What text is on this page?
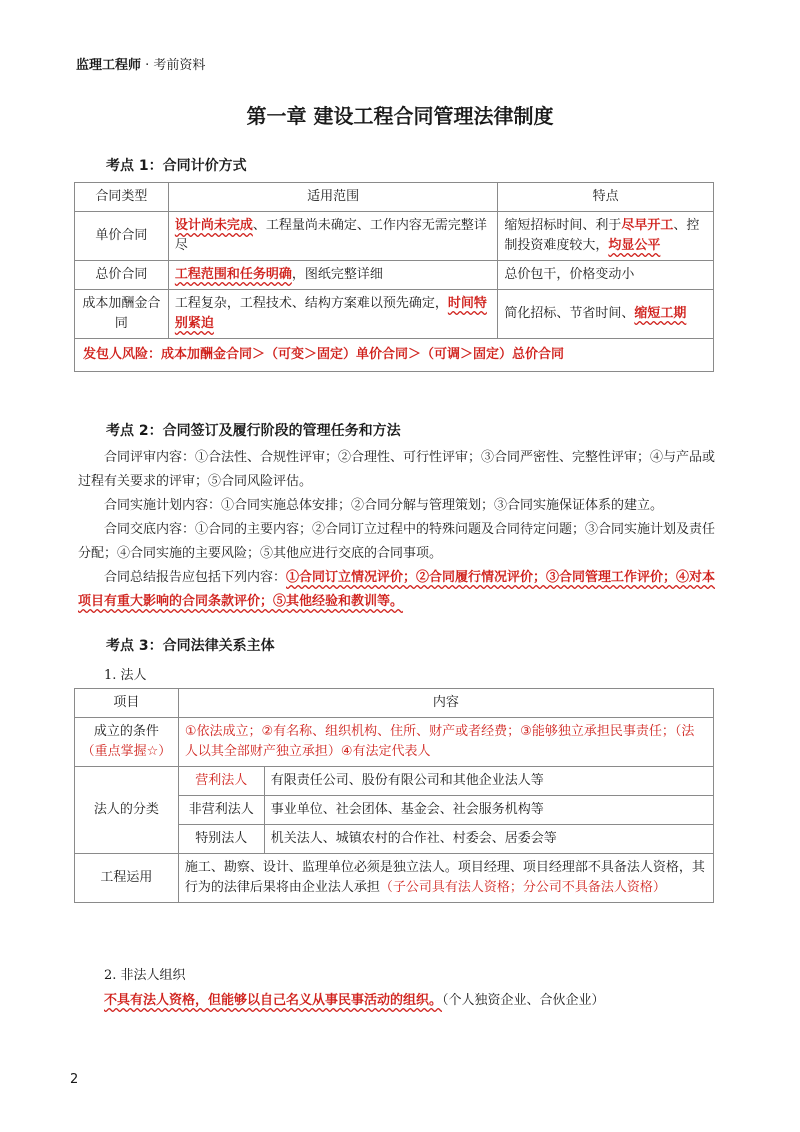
监理工程师 · 考前资料
第一章 建设工程合同管理法律制度
考点 1：合同计价方式
合同类型	适用范围	特点
单价合同	设计尚未完成、工程量尚未确定、工作内容无需完整详尽	缩短招标时间、利于尽早开工、控制投资难度较大，均显公平
总价合同	工程范围和任务明确，图纸完整详细	总价包干，价格变动小
成本加酬金合同	工程复杂，工程技术、结构方案难以预先确定，时间特别紧迫	简化招标、节省时间、缩短工期
发包人风险：成本加酬金合同＞（可变＞固定）单价合同＞（可调＞固定）总价合同		
考点 2：合同签订及履行阶段的管理任务和方法
合同评审内容：①合法性、合规性评审；②合理性、可行性评审；③合同严密性、完整性评审；④与产品或过程有关要求的评审；⑤合同风险评估。
合同实施计划内容：①合同实施总体安排；②合同分解与管理策划；③合同实施保证体系的建立。
合同交底内容：①合同的主要内容；②合同订立过程中的特殊问题及合同待定问题；③合同实施计划及责任分配；④合同实施的主要风险；⑤其他应进行交底的合同事项。
合同总结报告应包括下列内容：①合同订立情况评价；②合同履行情况评价；③合同管理工作评价；④对本项目有重大影响的合同条款评价；⑤其他经验和教训等。
考点 3：合同法律关系主体
1. 法人
项目	内容	

成立的条件
（重点掌握☆）	①依法成立；②有名称、组织机构、住所、财产或者经费；③能够独立承担民事责任；（法人以其全部财产独立承担）④有法定代表人	
法人的分类	营利法人	有限责任公司、股份有限公司和其他企业法人等
	非营利法人	事业单位、社会团体、基金会、社会服务机构等
	特别法人	机关法人、城镇农村的合作社、村委会、居委会等
工程运用	施工、勘察、设计、监理单位必须是独立法人。项目经理、项目经理部不具备法人资格，其行为的法律后果将由企业法人承担（子公司具有法人资格；分公司不具备法人资格）	
2. 非法人组织
不具有法人资格，但能够以自己名义从事民事活动的组织。（个人独资企业、合伙企业）
2
